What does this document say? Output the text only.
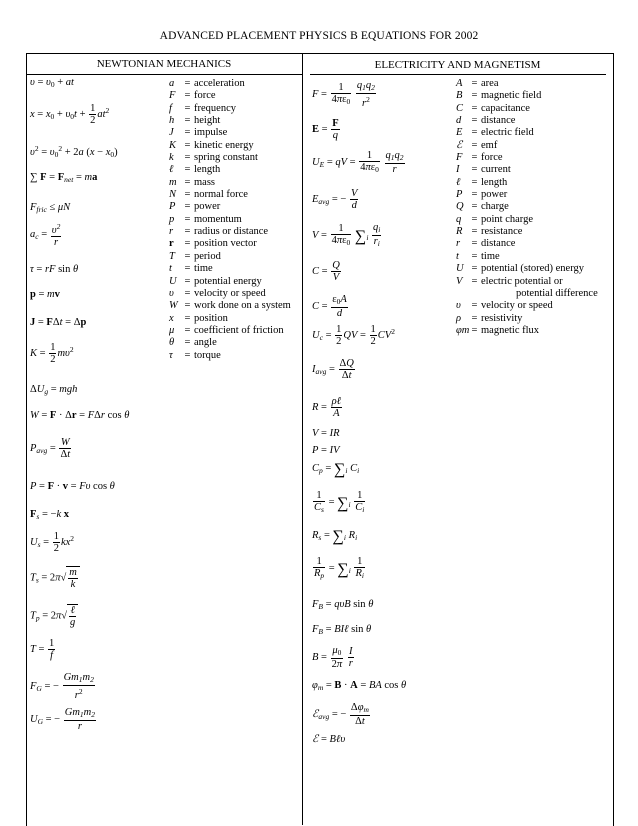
ADVANCED PLACEMENT PHYSICS B EQUATIONS FOR 2002
NEWTONIAN MECHANICS	ELECTRICITY AND MAGNETISM
$\upsilon = \upsilon_0$ + at
$x = x_0 + \upsilon_0t + \frac{1}{2} at^2$
$\upsilon^2 = \upsilon_0^2 + 2a$ $(x - x_0)$
∑ $F = F_{net}$ = ma
$F_{fric} \le \mu N$
$a_c = \frac{\upsilon^2}{r}$
τ = rF sin θ
p = mv
J = FΔt = Δp
$K = \frac{1}{2} m\upsilon^2$
$\Delta U_g$ = mgh
W = F · Δr = FΔr cos θ
$P_{avg} = \frac{W}{\Delta t}$
P = F · v = Fυ cos θ
$F_s = -k$ x
$U_s = \frac{1}{2} kx^2$
$T_s = 2\pi√ \frac{m}{k}$
$T_p = 2\pi√ \frac{\text{ℓ}}{g}$
$T = \frac{1}{f}$
$F_G$ = − $\frac{Gm_1m_2}{r^2}$
$U_G$ = − $\frac{Gm_1m_2}{r}$
a = acceleration
F = force
f = frequency
h = height
J = impulse
K = kinetic energy
k = spring constant
ℓ = length
m = mass
N = normal force
P = power
p = momentum
r = radius or distance
r = position vector
T = period
t = time
U = potential energy
υ = velocity or speed
W = work done on a system
x = position
μ = coefficient of friction
θ = angle
τ = torque
$F = \frac{1}{4\pi\varepsilon_0}$
$\frac{q_1q_2}{r^2}$
$E = \frac{F}{q}$
$U_E$ = qV = $\frac{1}{4\pi\varepsilon_0}$
$\frac{q_1q_2}{r}$
$E_{avg}$ = − $\frac{V}{d}$
$V = \frac{1}{4\pi\varepsilon_0} \sum_i \frac{q_i}{r_i}$
$C = \frac{Q}{V}$
$C = \frac{\varepsilon_0A}{d}$
$U_c = \frac{1}{2}$ QV = $\frac{1}{2} CV^2$
$I_{avg} = \frac{\Delta Q}{\Delta t}$
$R = \frac{\text{ρℓ}}{A}$
V = IR
P = IV
$C_p = \sum_i$ $C_i$
$\frac{1}{C_s} = \sum_i \frac{1}{C_i}$
$R_s = \sum_i$ $R_i$
$\frac{1}{R_p} = \sum_i \frac{1}{R_i}$
$F_B = q\upsilon B$ sin θ
$F_B$ = BIℓ sin θ
$B = \frac{\mu_0}{2\pi}$
$\frac{I}{r}$
$\varphi_m = B \cdot A$ = BA cos θ
ℰ$_{avg}$ = − $\frac{\Delta\varphi_m}{\Delta t}$
ℰ = Bℓυ
A = area
B = magnetic field
C = capacitance
d = distance
E = electric field
ℰ = emf
F = force
I = current
ℓ = length
P = power
Q = charge
q = point charge
R = resistance
r = distance
t = time
U = potential (stored) energy
V = electric potential or
potential difference
υ = velocity or speed
ρ = resistivity
φm = magnetic flux
